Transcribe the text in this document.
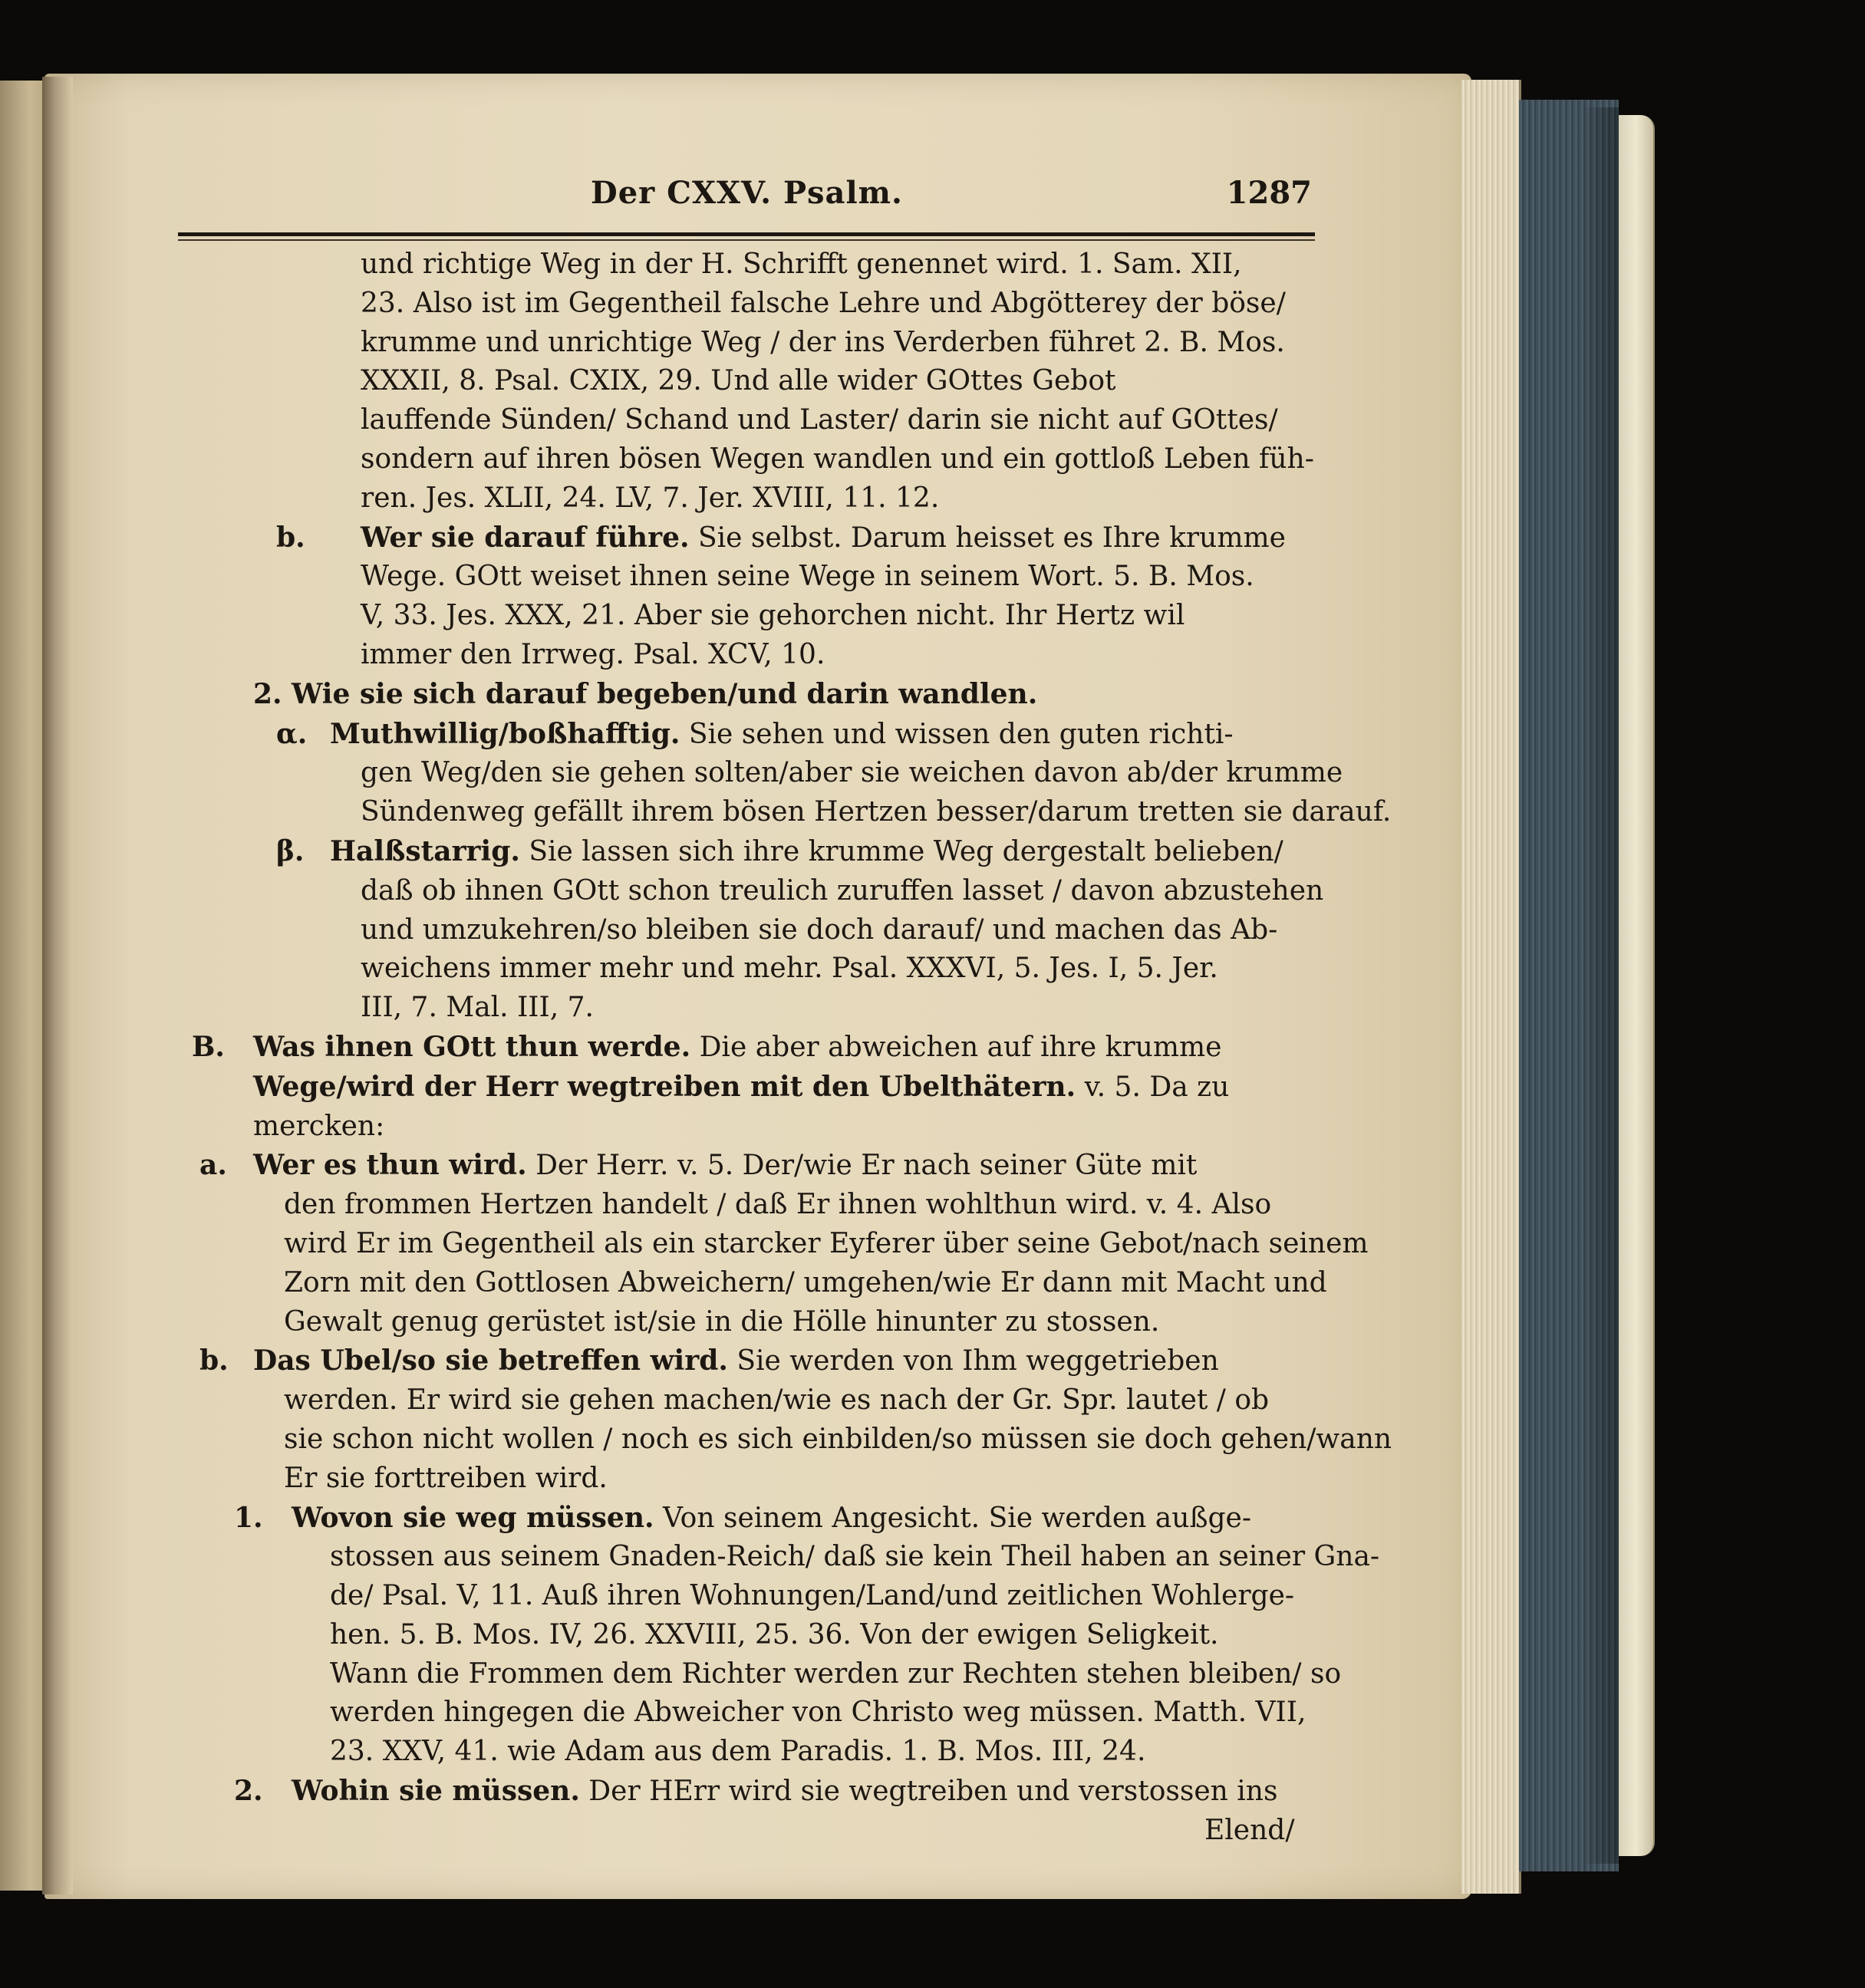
Der CXXV. Psalm.	1287
und richtige Weg in der H. Schrifft genennet wird. 1. Sam. XII,
23. Also ist im Gegentheil falsche Lehre und Abgötterey der böse/
krumme und unrichtige Weg / der ins Verderben führet 2. B. Mos.
XXXII, 8. Psal. CXIX, 29. Und alle wider GOttes Gebot
lauffende Sünden/ Schand und Laster/ darin sie nicht auf GOttes/
sondern auf ihren bösen Wegen wandlen und ein gottloß Leben füh-
ren. Jes. XLII, 24. LV, 7. Jer. XVIII, 11. 12.
b. Wer sie darauf führe. Sie selbst. Darum heisset es Ihre krumme
Wege. GOtt weiset ihnen seine Wege in seinem Wort. 5. B. Mos.
V, 33. Jes. XXX, 21. Aber sie gehorchen nicht. Ihr Hertz wil
immer den Irrweg. Psal. XCV, 10.
2. Wie sie sich darauf begeben/und darin wandlen.
α. Muthwillig/boßhafftig. Sie sehen und wissen den guten richti-
gen Weg/den sie gehen solten/aber sie weichen davon ab/der krumme
Sündenweg gefällt ihrem bösen Hertzen besser/darum tretten sie darauf.
β. Halßstarrig. Sie lassen sich ihre krumme Weg dergestalt belieben/
daß ob ihnen GOtt schon treulich zuruffen lasset / davon abzustehen
und umzukehren/so bleiben sie doch darauf/ und machen das Ab-
weichens immer mehr und mehr. Psal. XXXVI, 5. Jes. I, 5. Jer.
III, 7. Mal. III, 7.
B. Was ihnen GOtt thun werde. Die aber abweichen auf ihre krumme
Wege/wird der Herr wegtreiben mit den Ubelthätern. v. 5. Da zu
mercken:
a. Wer es thun wird. Der Herr. v. 5. Der/wie Er nach seiner Güte mit
den frommen Hertzen handelt / daß Er ihnen wohlthun wird. v. 4. Also
wird Er im Gegentheil als ein starcker Eyferer über seine Gebot/nach seinem
Zorn mit den Gottlosen Abweichern/ umgehen/wie Er dann mit Macht und
Gewalt genug gerüstet ist/sie in die Hölle hinunter zu stossen.
b. Das Ubel/so sie betreffen wird. Sie werden von Ihm weggetrieben
werden. Er wird sie gehen machen/wie es nach der Gr. Spr. lautet / ob
sie schon nicht wollen / noch es sich einbilden/so müssen sie doch gehen/wann
Er sie forttreiben wird.
1. Wovon sie weg müssen. Von seinem Angesicht. Sie werden außge-
stossen aus seinem Gnaden-Reich/ daß sie kein Theil haben an seiner Gna-
de/ Psal. V, 11. Auß ihren Wohnungen/Land/und zeitlichen Wohlerge-
hen. 5. B. Mos. IV, 26. XXVIII, 25. 36. Von der ewigen Seligkeit.
Wann die Frommen dem Richter werden zur Rechten stehen bleiben/ so
werden hingegen die Abweicher von Christo weg müssen. Matth. VII,
23. XXV, 41. wie Adam aus dem Paradis. 1. B. Mos. III, 24.
2. Wohin sie müssen. Der HErr wird sie wegtreiben und verstossen ins
Elend/
